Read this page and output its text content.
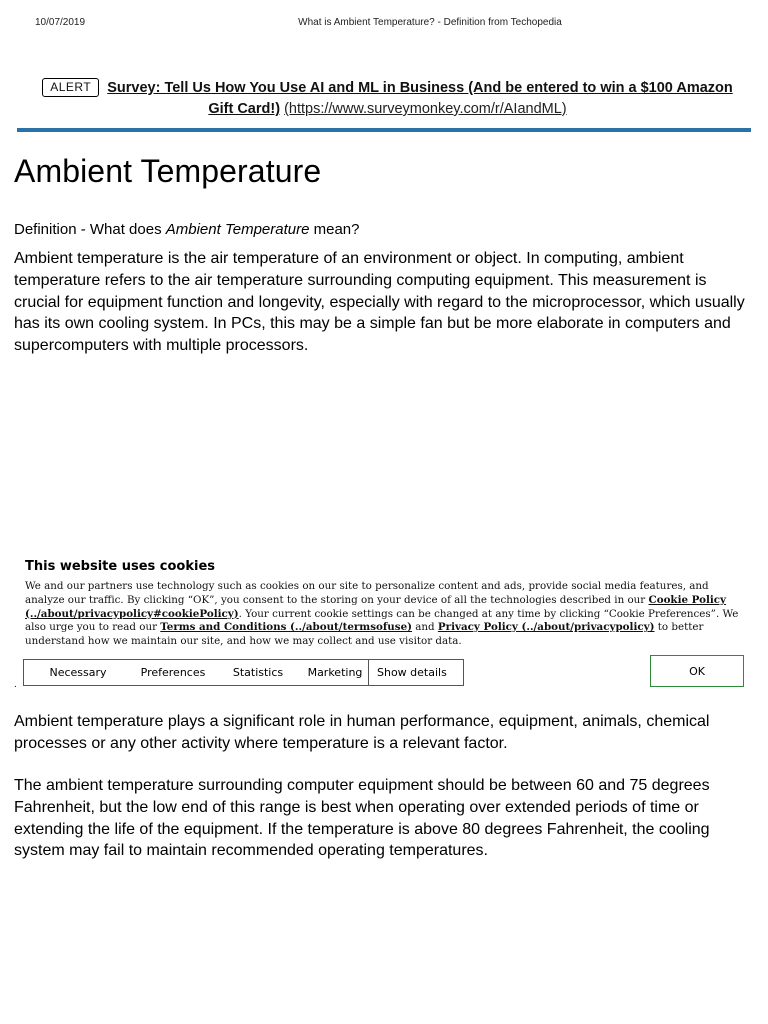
10/07/2019	What is Ambient Temperature? - Definition from Techopedia
ALERT Survey: Tell Us How You Use AI and ML in Business (And be entered to win a $100 Amazon Gift Card!) (https://www.surveymonkey.com/r/AIandML)
Ambient Temperature
Definition - What does Ambient Temperature mean?

Ambient temperature is the air temperature of an environment or object. In computing, ambient temperature refers to the air temperature surrounding computing equipment. This measurement is crucial for equipment function and longevity, especially with regard to the microprocessor, which usually has its own cooling system. In PCs, this may be a simple fan but be more elaborate in computers and supercomputers with multiple processors.

This website uses cookies
We and our partners use technology such as cookies on our site to personalize content and ads, provide social media features, and analyze our traffic. By clicking “OK”, you consent to the storing on your device of all the technologies described in our Cookie Policy (../about/privacypolicy#cookiePolicy). Your current cookie settings can be changed at any time by clicking “Cookie Preferences”. We also urge you to read our Terms and Conditions (../about/termsofuse) and Privacy Policy (../about/privacypolicy) to better understand how we maintain our site, and how we may collect and use visitor data.
Necessary	Preferences	Statistics	Marketing	Show details	OK
.

Ambient temperature plays a significant role in human performance, equipment, animals, chemical processes or any other activity where temperature is a relevant factor.

The ambient temperature surrounding computer equipment should be between 60 and 75 degrees Fahrenheit, but the low end of this range is best when operating over extended periods of time or extending the life of the equipment. If the temperature is above 80 degrees Fahrenheit, the cooling system may fail to maintain recommended operating temperatures.
